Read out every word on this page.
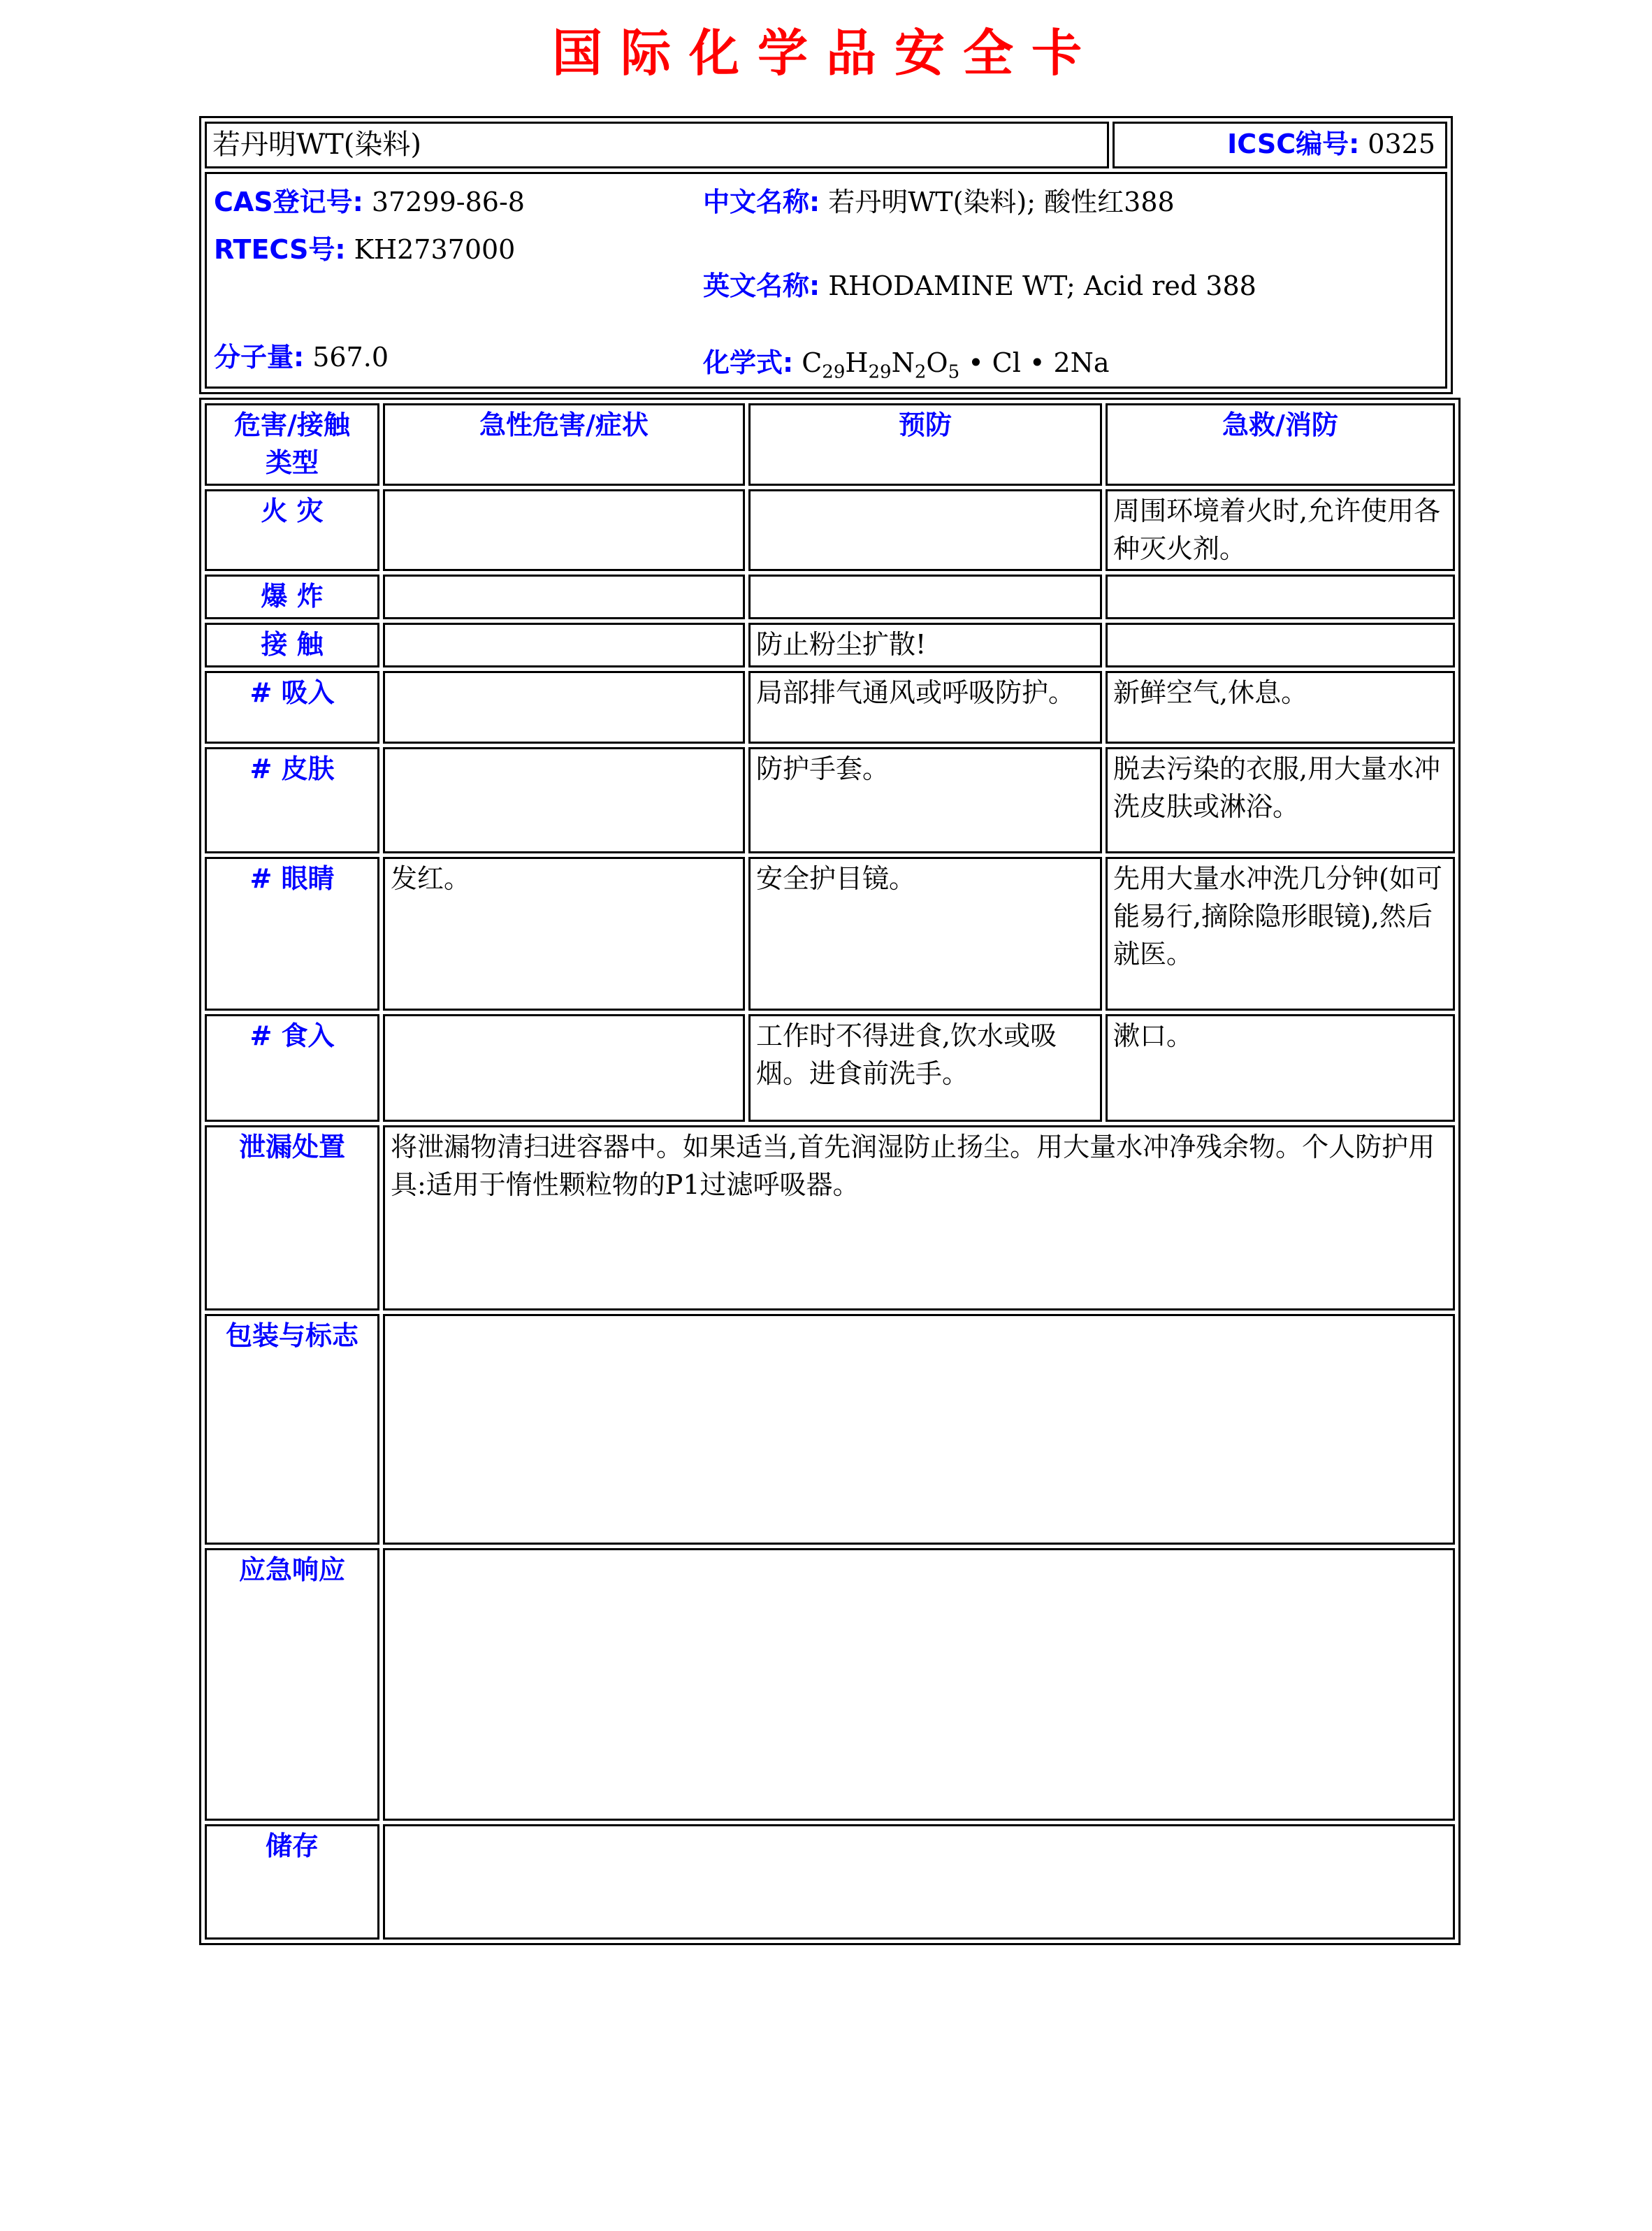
国际化学品安全卡
若丹明WT(染料)	ICSC编号: 0325

CAS登记号: 37299-86-8
RTECS号: KH2737000
分子量: 567.0
中文名称: 若丹明WT(染料); 酸性红388
英文名称: RHODAMINE WT; Acid red 388
化学式: $C_{29}H_{29}N_2O_5$ • Cl • 2Na
危害/接触
类型	急性危害/症状	预防	急救/消防
火 灾			周围环境着火时,允许使用各种灭火剂。
爆 炸			
接 触		防止粉尘扩散!	
# 吸入		局部排气通风或呼吸防护。	新鲜空气,休息。
# 皮肤		防护手套。	脱去污染的衣服,用大量水冲洗皮肤或淋浴。
# 眼睛	发红。	安全护目镜。	先用大量水冲洗几分钟(如可能易行,摘除隐形眼镜),然后就医。
# 食入		工作时不得进食,饮水或吸烟。进食前洗手。	漱口。
泄漏处置	将泄漏物清扫进容器中。如果适当,首先润湿防止扬尘。用大量水冲净残余物。个人防护用具:适用于惰性颗粒物的P1过滤呼吸器。		
包装与标志			
应急响应			
储存			
